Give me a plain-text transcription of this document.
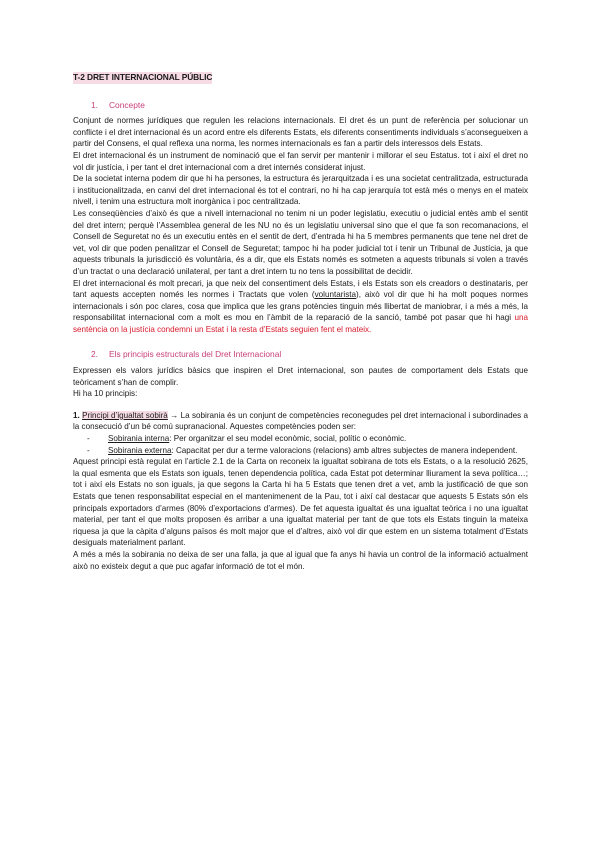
T-2 DRET INTERNACIONAL PÚBLIC
1. Concepte

Conjunt de normes jurídiques que regulen les relacions internacionals. El dret és un punt de referència per solucionar un conflicte i el dret internacional és un acord entre els diferents Estats, els diferents consentiments individuals s’aconsegueixen a partir del Consens, el qual reflexa una norma, les normes internacionals es fan a partir dels interessos dels Estats.

El dret internacional és un instrument de nominació que el fan servir per mantenir i millorar el seu Estatus. tot i així el dret no vol dir justícia, i per tant el dret internacional com a dret internés considerat injust.

De la societat interna podem dir que hi ha persones, la estructura és jerarquitzada i es una societat centralitzada, estructurada i institucionalitzada, en canvi del dret internacional és tot el contrari, no hi ha cap jerarquía tot està més o menys en el mateix nivell, i tenim una estructura molt inorgànica i poc centralitzada.

Les conseqüències d’això és que a nivell internacional no tenim ni un poder legislatiu, executiu o judicial entès amb el sentit del dret intern; perquè l’Assemblea general de les NU no és un legislatiu universal sino que el que fa son recomanacions, el Consell de Seguretat no és un executiu entès en el sentit de dert, d’entrada hi ha 5 membres permanents que tene nel dret de vet, vol dir que poden penalitzar el Consell de Seguretat; tampoc hi ha poder judicial tot i tenir un Tribunal de Justícia, ja que aquests tribunals la jurisdicció és voluntària, és a dir, que els Estats només es sotmeten a aquests tribunals si volen a través d’un tractat o una declaració unilateral, per tant a dret intern tu no tens la possibilitat de decidir.

El dret internacional és molt precari, ja que neix del consentiment dels Estats, i els Estats son els creadors o destinataris, per tant aquests accepten només les normes i Tractats que volen (voluntarista), això vol dir que hi ha molt poques normes internacionals i són poc clares, cosa que implica que les grans potències tinguin més llibertat de maniobrar, i a més a més, la responsabilitat internacional com a molt es mou en l’àmbit de la reparació de la sanció, també pot pasar que hi hagi una sentència on la justícia condemni un Estat i la resta d’Estats seguien fent el mateix.

2. Els principis estructurals del Dret Internacional

Expressen els valors jurídics bàsics que inspiren el Dret internacional, son pautes de comportament dels Estats que teòricament s’han de complir.

Hi ha 10 principis:

1. Principi d’igualtat sobirà → La sobirania és un conjunt de competències reconegudes pel dret internacional i subordinades a la consecució d’un bé comú supranacional. Aquestes competències poden ser:

- Sobirania interna: Per organitzar el seu model econòmic, social, polític o econòmic.
- Sobirania externa: Capacitat per dur a terme valoracions (relacions) amb altres subjectes de manera independent.

Aquest principi està regulat en l’article 2.1 de la Carta on reconeix la igualtat sobirana de tots els Estats, o a la resolució 2625, la qual esmenta que els Estats son iguals, tenen dependencia política, cada Estat pot determinar lliurament la seva política…; tot i així els Estats no son iguals, ja que segons la Carta hi ha 5 Estats que tenen dret a vet, amb la justificació de que son Estats que tenen responsabilitat especial en el mantenimenent de la Pau, tot i així cal destacar que aquests 5 Estats són els principals exportadors d’armes (80% d’exportacions d’armes). De fet aquesta igualtat és una igualtat teòrica i no una igualtat material, per tant el que molts proposen és arribar a una igualtat material per tant de que tots els Estats tinguin la mateixa riquesa ja que la càpita d’alguns països és molt major que el d’altres, això vol dir que estem en un sistema totalment d’Estats desiguals materialment parlant.

A més a més la sobirania no deixa de ser una falla, ja que al igual que fa anys hi havia un control de la informació actualment això no existeix degut a que puc agafar informació de tot el món.
